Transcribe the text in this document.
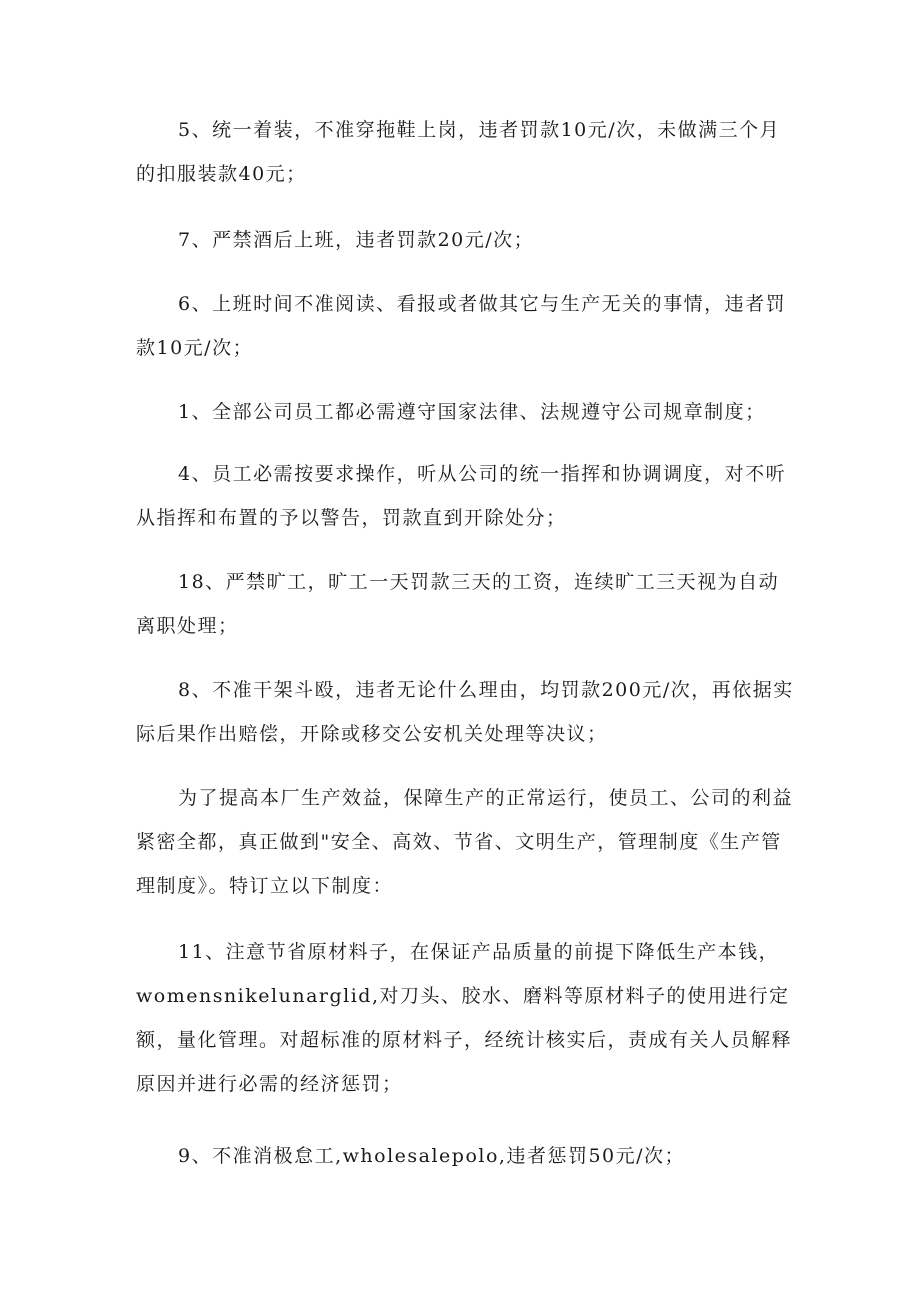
5、统一着装，不准穿拖鞋上岗，违者罚款10元/次，未做满三个月的扣服装款40元；

7、严禁酒后上班，违者罚款20元/次；

6、上班时间不准阅读、看报或者做其它与生产无关的事情，违者罚款10元/次；

1、全部公司员工都必需遵守国家法律、法规遵守公司规章制度；

4、员工必需按要求操作，听从公司的统一指挥和协调调度，对不听从指挥和布置的予以警告，罚款直到开除处分；

18、严禁旷工，旷工一天罚款三天的工资，连续旷工三天视为自动离职处理；

8、不准干架斗殴，违者无论什么理由，均罚款200元/次，再依据实际后果作出赔偿，开除或移交公安机关处理等决议；

为了提高本厂生产效益，保障生产的正常运行，使员工、公司的利益紧密全都，真正做到"安全、高效、节省、文明生产，管理制度《生产管理制度》。特订立以下制度：

11、注意节省原材料子，在保证产品质量的前提下降低生产本钱，womensnikelunarglid,对刀头、胶水、磨料等原材料子的使用进行定额，量化管理。对超标准的原材料子，经统计核实后，责成有关人员解释原因并进行必需的经济惩罚；

9、不准消极怠工,wholesalepolo,违者惩罚50元/次；
